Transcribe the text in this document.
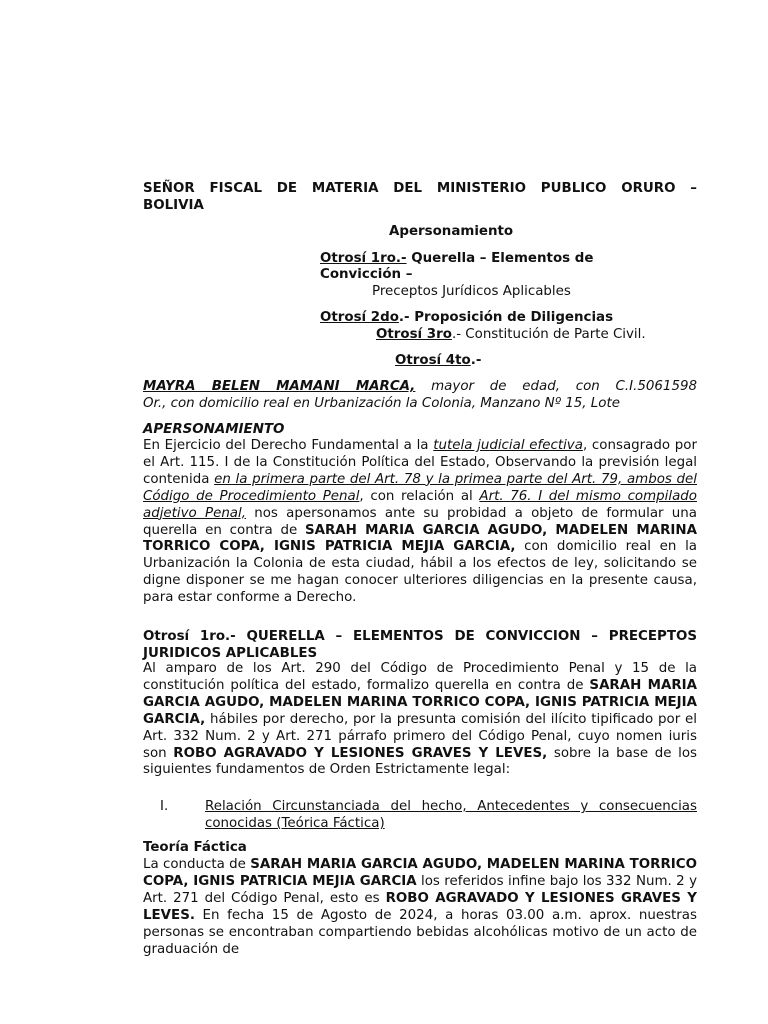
SEÑOR FISCAL DE MATERIA DEL MINISTERIO PUBLICO ORURO –
BOLIVIA
Apersonamiento
Otrosí 1ro.- Querella – Elementos de
Convicción –
Preceptos Jurídicos Aplicables
Otrosí 2do.- Proposición de Diligencias
Otrosí 3ro.- Constitución de Parte Civil.
Otrosí 4to.-
MAYRA BELEN MAMANI MARCA, mayor de edad, con C.I.5061598
Or., con domicilio real en Urbanización la Colonia, Manzano Nº 15, Lote
APERSONAMIENTO

En Ejercicio del Derecho Fundamental a la tutela judicial efectiva, consagrado por el Art. 115. I de la Constitución Política del Estado, Observando la previsión legal contenida en la primera parte del Art. 78 y la primea parte del Art. 79, ambos del Código de Procedimiento Penal, con relación al Art. 76. I del mismo compilado adjetivo Penal, nos apersonamos ante su probidad a objeto de formular una querella en contra de SARAH MARIA GARCIA AGUDO, MADELEN MARINA TORRICO COPA, IGNIS PATRICIA MEJIA GARCIA, con domicilio real en la Urbanización la Colonia de esta ciudad, hábil a los efectos de ley, solicitando se digne disponer se me hagan conocer ulteriores diligencias en la presente causa, para estar conforme a Derecho.

Otrosí 1ro.- QUERELLA – ELEMENTOS DE CONVICCION – PRECEPTOS JURIDICOS APLICABLES

Al amparo de los Art. 290 del Código de Procedimiento Penal y 15 de la constitución política del estado, formalizo querella en contra de SARAH MARIA GARCIA AGUDO, MADELEN MARINA TORRICO COPA, IGNIS PATRICIA MEJIA GARCIA, hábiles por derecho, por la presunta comisión del ilícito tipificado por el Art. 332 Num. 2 y Art. 271 párrafo primero del Código Penal, cuyo nomen iuris son ROBO AGRAVADO Y LESIONES GRAVES Y LEVES, sobre la base de los siguientes fundamentos de Orden Estrictamente legal:

I.	Relación Circunstanciada del hecho, Antecedentes y consecuencias conocidas (Teórica Fáctica)
Teoría Fáctica

La conducta de SARAH MARIA GARCIA AGUDO, MADELEN MARINA TORRICO COPA, IGNIS PATRICIA MEJIA GARCIA los referidos infine bajo los 332 Num. 2 y Art. 271 del Código Penal, esto es ROBO AGRAVADO Y LESIONES GRAVES Y LEVES. En fecha 15 de Agosto de 2024, a horas 03.00 a.m. aprox. nuestras personas se encontraban compartiendo bebidas alcohólicas motivo de un acto de graduación de
